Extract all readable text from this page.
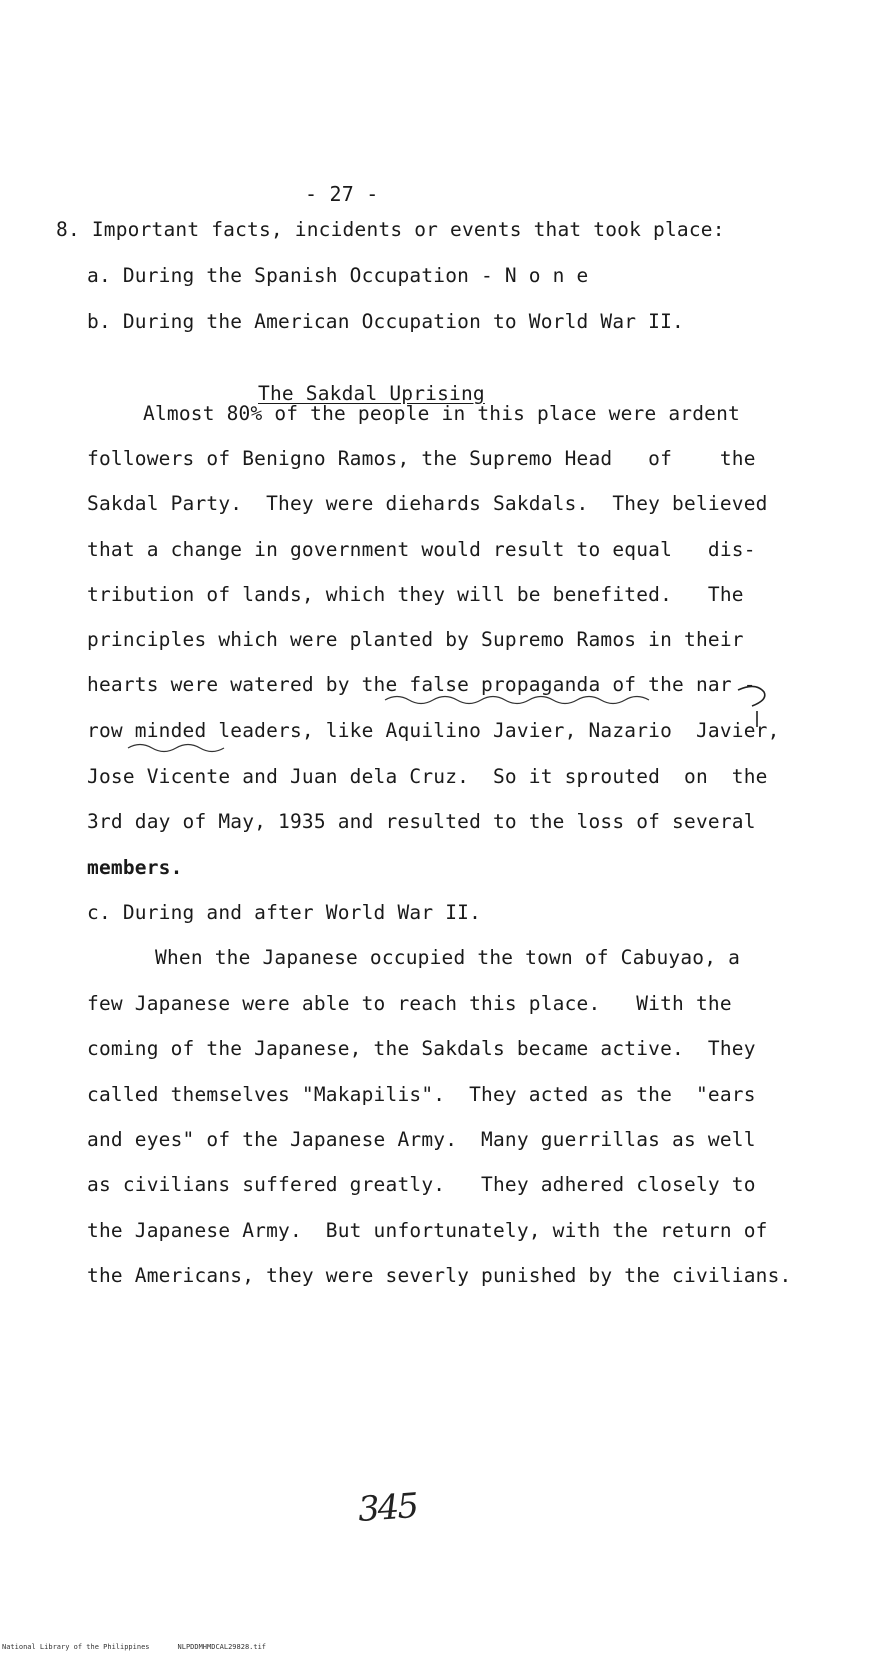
- 27 -
8. Important facts, incidents or events that took place:
a. During the Spanish Occupation - N o n e
b. During the American Occupation to World War II.
The Sakdal Uprising
Almost 80% of the people in this place were ardent
followers of Benigno Ramos, the Supremo Head   of    the
Sakdal Party.  They were diehards Sakdals.  They believed
that a change in government would result to equal   dis-
tribution of lands, which they will be benefited.   The
principles which were planted by Supremo Ramos in their
hearts were watered by the false propaganda of the nar -
row minded leaders, like Aquilino Javier, Nazario  Javier,
Jose Vicente and Juan dela Cruz.  So it sprouted  on  the
3rd day of May, 1935 and resulted to the loss of several
members.
c. During and after World War II.
When the Japanese occupied the town of Cabuyao, a
few Japanese were able to reach this place.   With the
coming of the Japanese, the Sakdals became active.  They
called themselves "Makapilis".  They acted as the  "ears
and eyes" of the Japanese Army.  Many guerrillas as well
as civilians suffered greatly.   They adhered closely to
the Japanese Army.  But unfortunately, with the return of
the Americans, they were severly punished by the civilians.
345
National Library of the Philippines	NLPDDMHMDCAL29828.tif
